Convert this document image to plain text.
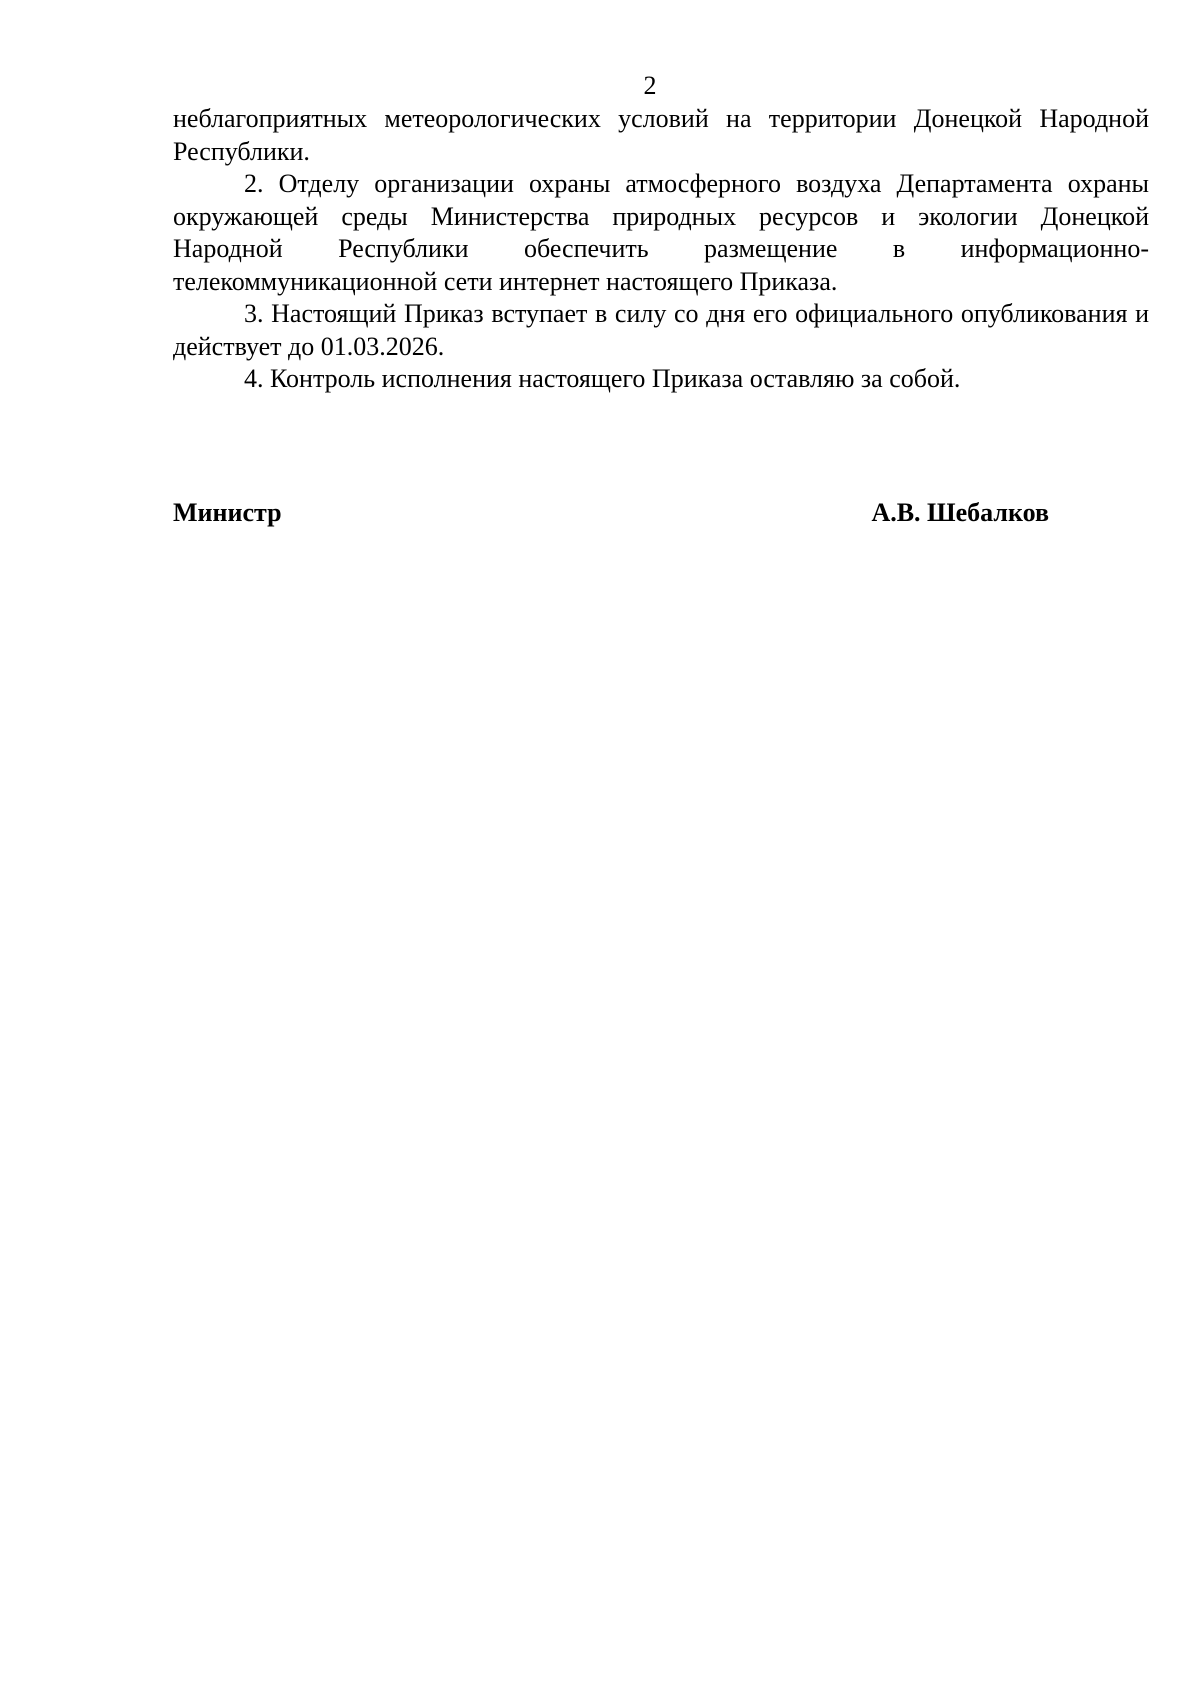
2

неблагоприятных метеорологических условий на территории Донецкой Народной Республики.

2. Отделу организации охраны атмосферного воздуха Департамента охраны окружающей среды Министерства природных ресурсов и экологии Донецкой Народной Республики обеспечить размещение в информационно-телекоммуникационной сети интернет настоящего Приказа.

3. Настоящий Приказ вступает в силу со дня его официального опубликования и действует до 01.03.2026.

4. Контроль исполнения настоящего Приказа оставляю за собой.

Министр	А.В. Шебалков
